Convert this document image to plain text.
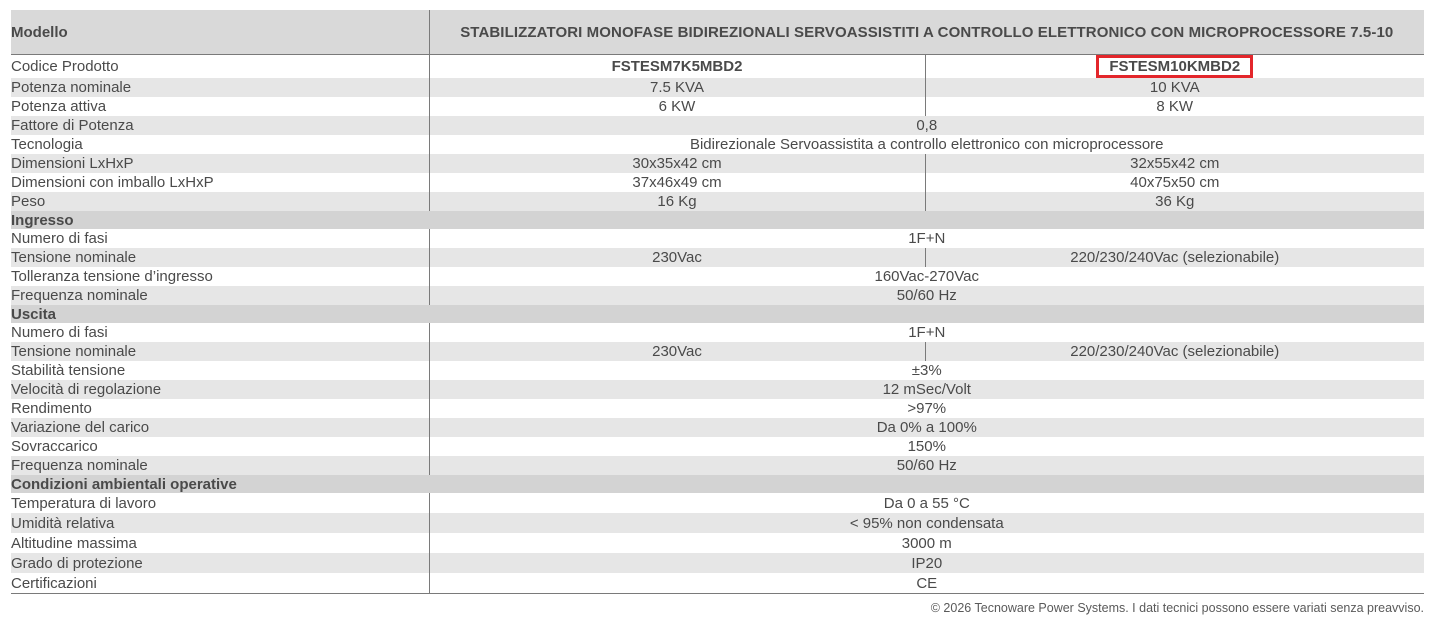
Modello	STABILIZZATORI MONOFASE BIDIREZIONALI SERVOASSISTITI A CONTROLLO ELETTRONICO CON MICROPROCESSORE 7.5-10	
Codice Prodotto	FSTESM7K5MBD2	FSTESM10KMBD2
Potenza nominale	7.5 KVA	10 KVA
Potenza attiva	6 KW	8 KW
Fattore di Potenza	0,8	
Tecnologia	Bidirezionale Servoassistita a controllo elettronico con microprocessore	
Dimensioni LxHxP	30x35x42 cm	32x55x42 cm
Dimensioni con imballo LxHxP	37x46x49 cm	40x75x50 cm
Peso	16 Kg	36 Kg
Ingresso		
Numero di fasi	1F+N	
Tensione nominale	230Vac	220/230/240Vac (selezionabile)
Tolleranza tensione d’ingresso	160Vac-270Vac	
Frequenza nominale	50/60 Hz	
Uscita		
Numero di fasi	1F+N	
Tensione nominale	230Vac	220/230/240Vac (selezionabile)
Stabilità tensione	±3%	
Velocità di regolazione	12 mSec/Volt	
Rendimento	>97%	
Variazione del carico	Da 0% a 100%	
Sovraccarico	150%	
Frequenza nominale	50/60 Hz	
Condizioni ambientali operative		
Temperatura di lavoro	Da 0 a 55 °C	
Umidità relativa	< 95% non condensata	
Altitudine massima	3000 m	
Grado di protezione	IP20	
Certificazioni	CE	
© 2026 Tecnoware Power Systems. I dati tecnici possono essere variati senza preavviso.
